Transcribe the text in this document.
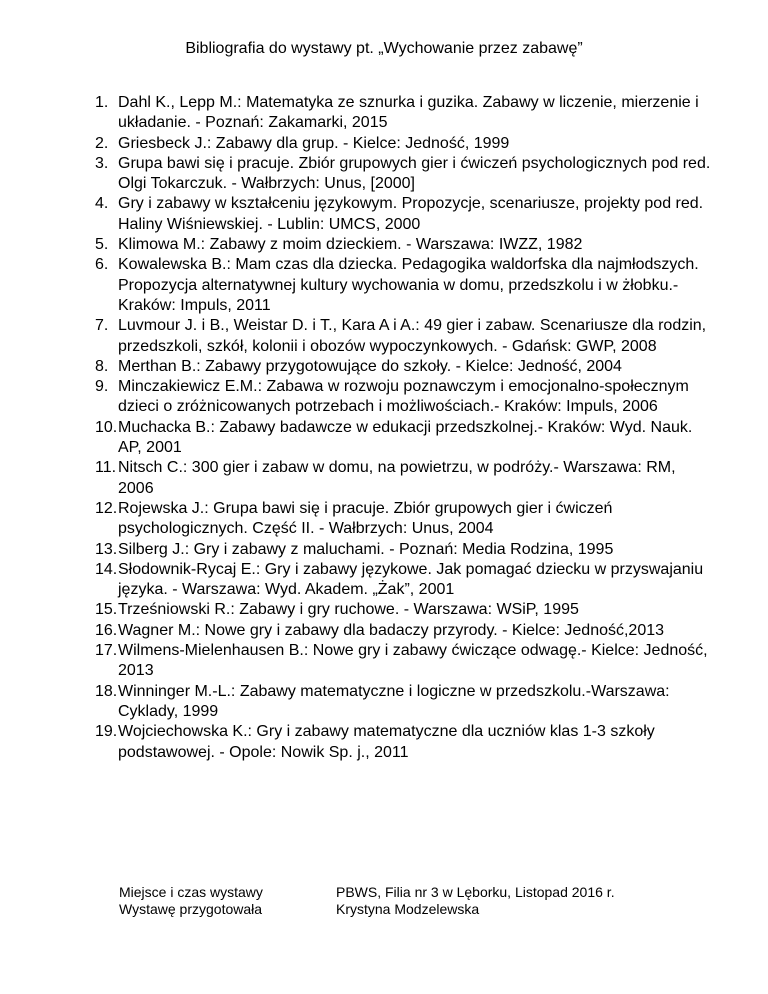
Bibliografia do wystawy pt. „Wychowanie przez zabawę”
1. Dahl K., Lepp M.: Matematyka ze sznurka i guzika. Zabawy w liczenie, mierzenie i układanie. - Poznań: Zakamarki, 2015
2. Griesbeck J.: Zabawy dla grup. - Kielce: Jedność, 1999
3. Grupa bawi się i pracuje. Zbiór grupowych gier i ćwiczeń psychologicznych pod red. Olgi Tokarczuk. - Wałbrzych: Unus, [2000]
4. Gry i zabawy w kształceniu językowym. Propozycje, scenariusze, projekty pod red. Haliny Wiśniewskiej. - Lublin: UMCS, 2000
5. Klimowa M.: Zabawy z moim dzieckiem. - Warszawa: IWZZ, 1982
6. Kowalewska B.: Mam czas dla dziecka. Pedagogika waldorfska dla najmłodszych. Propozycja alternatywnej kultury wychowania w domu, przedszkolu i w żłobku.- Kraków: Impuls, 2011
7. Luvmour J. i B., Weistar D. i T., Kara A i A.: 49 gier i zabaw. Scenariusze dla rodzin, przedszkoli, szkół, kolonii i obozów wypoczynkowych. - Gdańsk: GWP, 2008
8. Merthan B.: Zabawy przygotowujące do szkoły. - Kielce: Jedność, 2004
9. Minczakiewicz E.M.: Zabawa w rozwoju poznawczym i emocjonalno-społecznym dzieci o zróżnicowanych potrzebach i możliwościach.- Kraków: Impuls, 2006
10. Muchacka B.: Zabawy badawcze w edukacji przedszkolnej.- Kraków: Wyd. Nauk. AP, 2001
11. Nitsch C.: 300 gier i zabaw w domu, na powietrzu, w podróży.- Warszawa: RM, 2006
12. Rojewska J.: Grupa bawi się i pracuje. Zbiór grupowych gier i ćwiczeń psychologicznych. Część II. - Wałbrzych: Unus, 2004
13. Silberg J.: Gry i zabawy z maluchami. - Poznań: Media Rodzina, 1995
14. Słodownik-Rycaj E.: Gry i zabawy językowe. Jak pomagać dziecku w przyswajaniu języka. - Warszawa: Wyd. Akadem. „Żak”, 2001
15. Trześniowski R.: Zabawy i gry ruchowe. - Warszawa: WSiP, 1995
16. Wagner M.: Nowe gry i zabawy dla badaczy przyrody. - Kielce: Jedność,2013
17. Wilmens-Mielenhausen B.: Nowe gry i zabawy ćwiczące odwagę.- Kielce: Jedność, 2013
18. Winninger M.-L.: Zabawy matematyczne i logiczne w przedszkolu.-Warszawa: Cyklady, 1999
19. Wojciechowska K.: Gry i zabawy matematyczne dla uczniów klas 1-3 szkoły podstawowej. - Opole: Nowik Sp. j., 2011
Miejsce i czas wystawy
Wystawę przygotowała
PBWS, Filia nr 3 w Lęborku, Listopad 2016 r.
Krystyna Modzelewska
